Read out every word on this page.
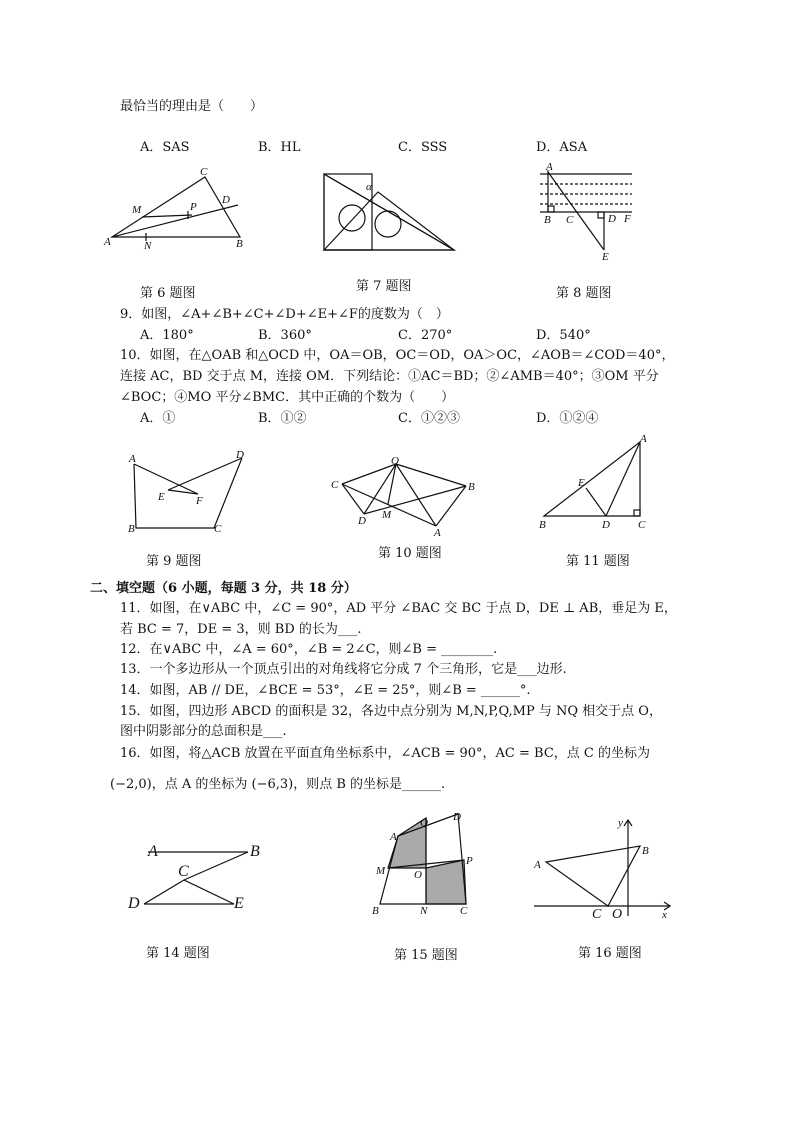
最恰当的理由是（　　）
A．SAS	B．HL	C．SSS	D．ASA
C
M	P
D
A	N	B
第 6 题图
α
第 7 题图
A
B C	D F
E
第 8 题图
9．如图，∠A+∠B+∠C+∠D+∠E+∠F的度数为（　）
A．180°	B．360°	C．270°	D．540°
10．如图，在△OAB 和△OCD 中，OA＝OB，OC＝OD，OA＞OC，∠AOB＝∠COD＝40°，
连接 AC，BD 交于点 M，连接 OM．下列结论：①AC＝BD；②∠AMB＝40°；③OM 平分
∠BOC；④MO 平分∠BMC．其中正确的个数为（　　）
A．①	B．①②	C．①②③	D．①②④
A	D
E	F
B	C
第 9 题图
O
C	B
M
D
A
第 10 题图
A
E
B	D	C
第 11 题图
二、填空题（6 小题，每题 3 分，共 18 分）
11．如图，在∨ABC 中，∠C = 90°，AD 平分 ∠BAC 交 BC 于点 D，DE ⊥ AB，垂足为 E，
若 BC = 7，DE = 3，则 BD 的长为___.
12．在∨ABC 中，∠A = 60°，∠B = 2∠C，则∠B = ________.
13．一个多边形从一个顶点引出的对角线将它分成 7 个三角形，它是___边形.
14．如图，AB // DE，∠BCE = 53°，∠E = 25°，则∠B = ______°.
15．如图，四边形 ABCD 的面积是 32，各边中点分别为 M,N,P,Q,MP 与 NQ 相交于点 O，
图中阴影部分的总面积是___.
16．如图，将△ACB 放置在平面直角坐标系中，∠ACB = 90°，AC = BC，点 C 的坐标为
(−2,0)，点 A 的坐标为 (−6,3)，则点 B 的坐标是______.
A	B
C
D	E
第 14 题图
Q D
A
P
M	O
B	N	C
第 15 题图
y
B
A
C O	x
第 16 题图
